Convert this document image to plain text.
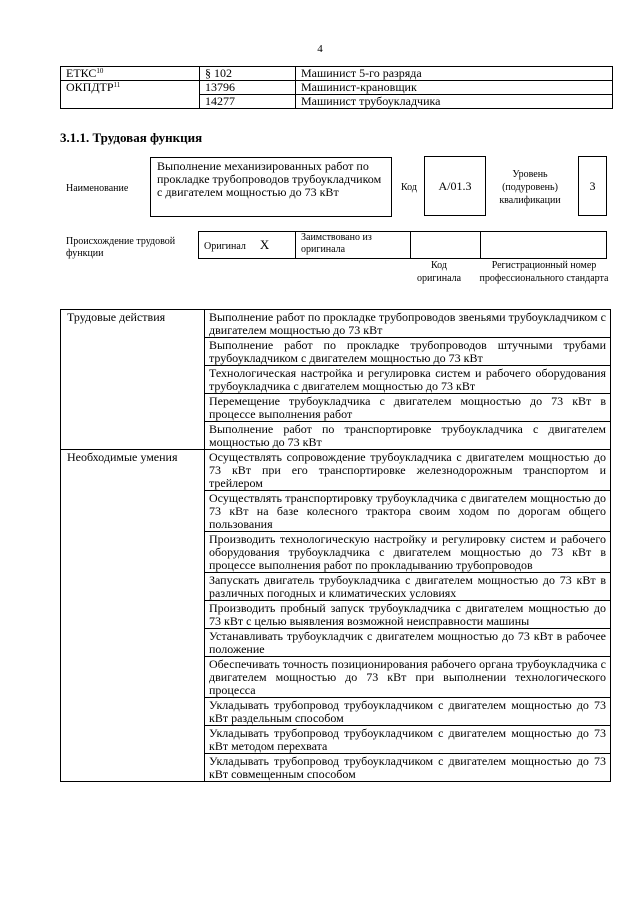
4
ЕТКС$^{10}$	§ 102	Машинист 5-го разряда
ОКПДТР$^{11}$	13796	Машинист-крановщик
	14277	Машинист трубоукладчика
3.1.1. Трудовая функция
Наименование
Выполнение механизированных работ по прокладке трубопроводов трубоукладчиком с двигателем мощностью до 73 кВт	Код A/01.3
Уровень (подуровень) квалификации
3
Происхождение трудовой функции
Оригинал X	Заимствовано из оригинала		
Код оригинала
Регистрационный номер профессионального стандарта
Трудовые действия	Выполнение работ по прокладке трубопроводов звеньями трубоукладчиком с двигателем мощностью до 73 кВт
	Выполнение работ по прокладке трубопроводов штучными трубами трубоукладчиком с двигателем мощностью до 73 кВт
	Технологическая настройка и регулировка систем и рабочего оборудования трубоукладчика с двигателем мощностью до 73 кВт
	Перемещение трубоукладчика с двигателем мощностью до 73 кВт в процессе выполнения работ
	Выполнение работ по транспортировке трубоукладчика с двигателем мощностью до 73 кВт
Необходимые умения	Осуществлять сопровождение трубоукладчика с двигателем мощностью до 73 кВт при его транспортировке железнодорожным транспортом и трейлером
	Осуществлять транспортировку трубоукладчика с двигателем мощностью до 73 кВт на базе колесного трактора своим ходом по дорогам общего пользования
	Производить технологическую настройку и регулировку систем и рабочего оборудования трубоукладчика с двигателем мощностью до 73 кВт в процессе выполнения работ по прокладыванию трубопроводов
	Запускать двигатель трубоукладчика с двигателем мощностью до 73 кВт в различных погодных и климатических условиях
	Производить пробный запуск трубоукладчика с двигателем мощностью до 73 кВт с целью выявления возможной неисправности машины
	Устанавливать трубоукладчик с двигателем мощностью до 73 кВт в рабочее положение
	Обеспечивать точность позиционирования рабочего органа трубоукладчика с двигателем мощностью до 73 кВт при выполнении технологического процесса
	Укладывать трубопровод трубоукладчиком с двигателем мощностью до 73 кВт раздельным способом
	Укладывать трубопровод трубоукладчиком с двигателем мощностью до 73 кВт методом перехвата
	Укладывать трубопровод трубоукладчиком с двигателем мощностью до 73 кВт совмещенным способом
